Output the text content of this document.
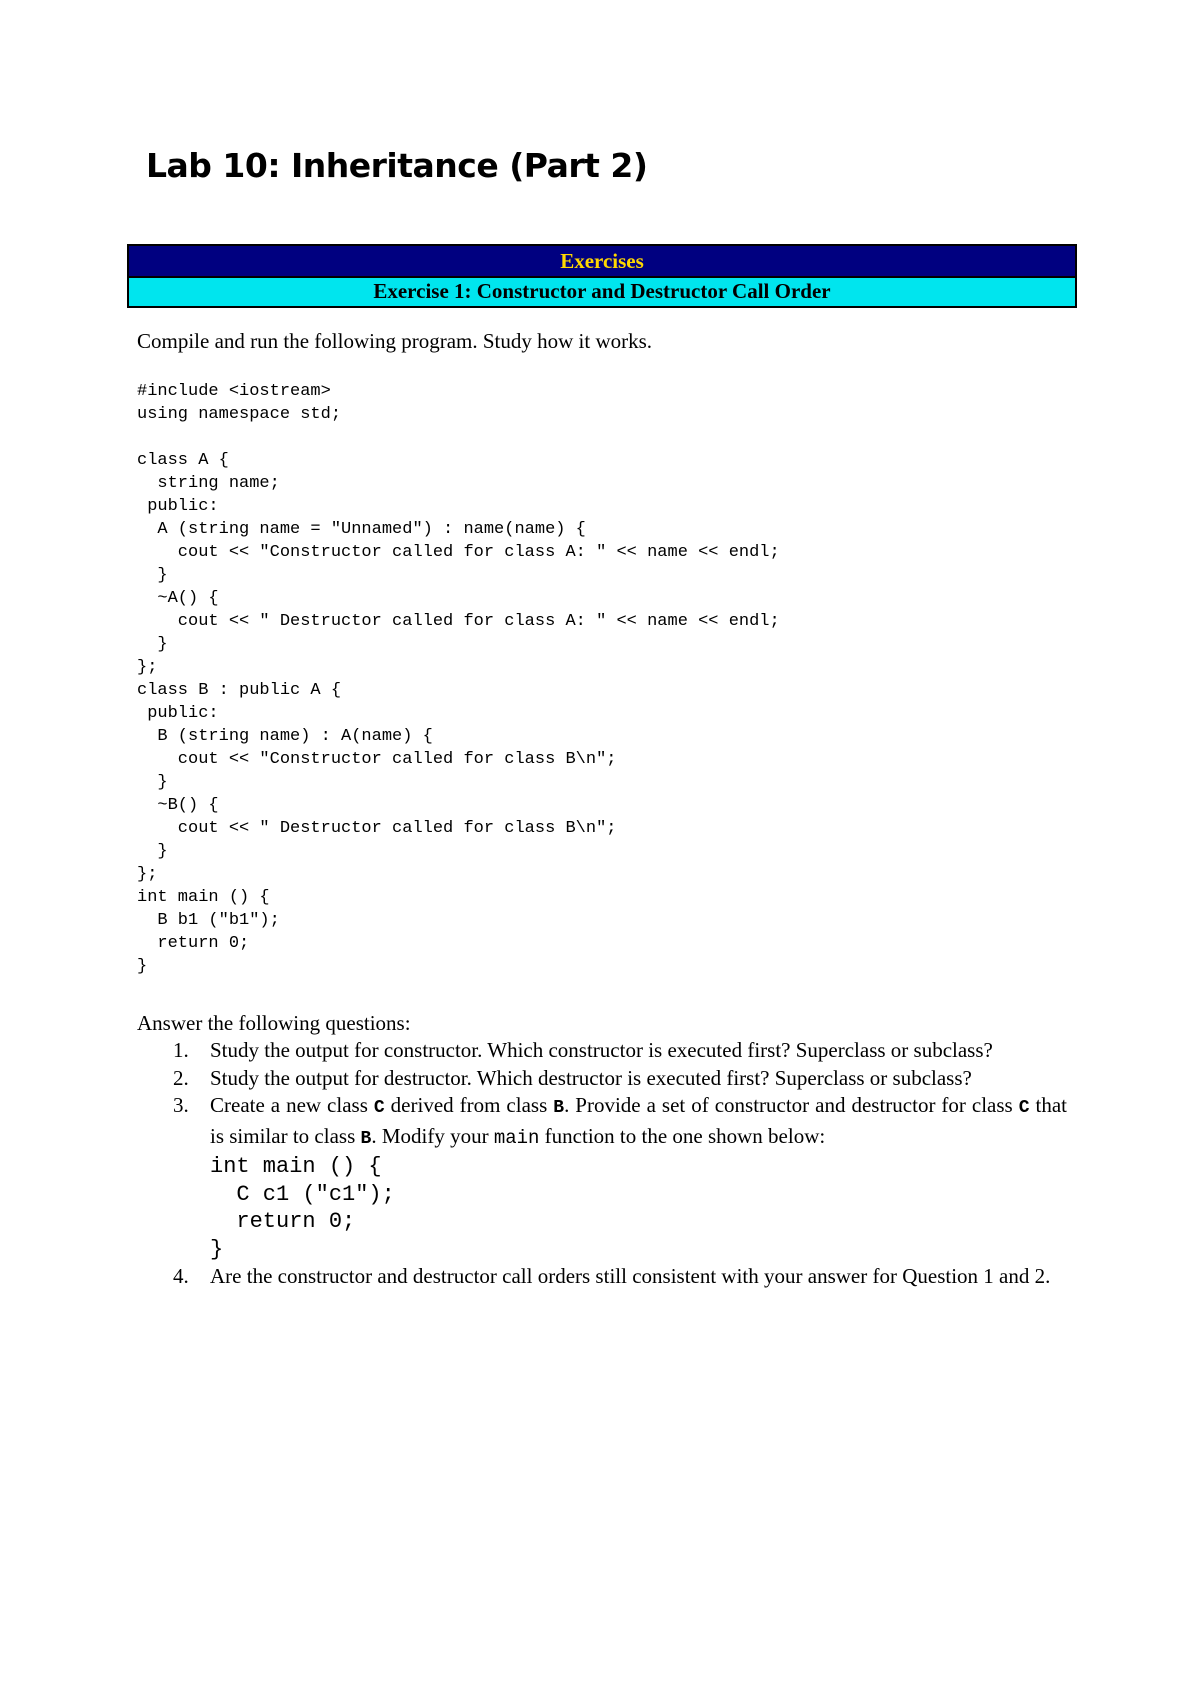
Lab 10: Inheritance (Part 2)
Exercises
Exercise 1: Constructor and Destructor Call Order

Compile and run the following program. Study how it works.

#include <iostream>
using namespace std;

class A {
string name;
public:
A (string name = "Unnamed") : name(name) {
cout << "Constructor called for class A: " << name << endl;
}
~A() {
cout << " Destructor called for class A: " << name << endl;
}
};
class B : public A {
public:
B (string name) : A(name) {
cout << "Constructor called for class B\n";
}
~B() {
cout << " Destructor called for class B\n";
}
};
int main () {
B b1 ("b1");
return 0;
}

Answer the following questions:

1. Study the output for constructor. Which constructor is executed first? Superclass or subclass?
2. Study the output for destructor. Which destructor is executed first? Superclass or subclass?
3. Create a new class C derived from class B. Provide a set of constructor and destructor for class C that is similar to class B. Modify your main function to the one shown below:
int main () {
C c1 ("c1");
return 0;
}
4. Are the constructor and destructor call orders still consistent with your answer for Question 1 and 2.
